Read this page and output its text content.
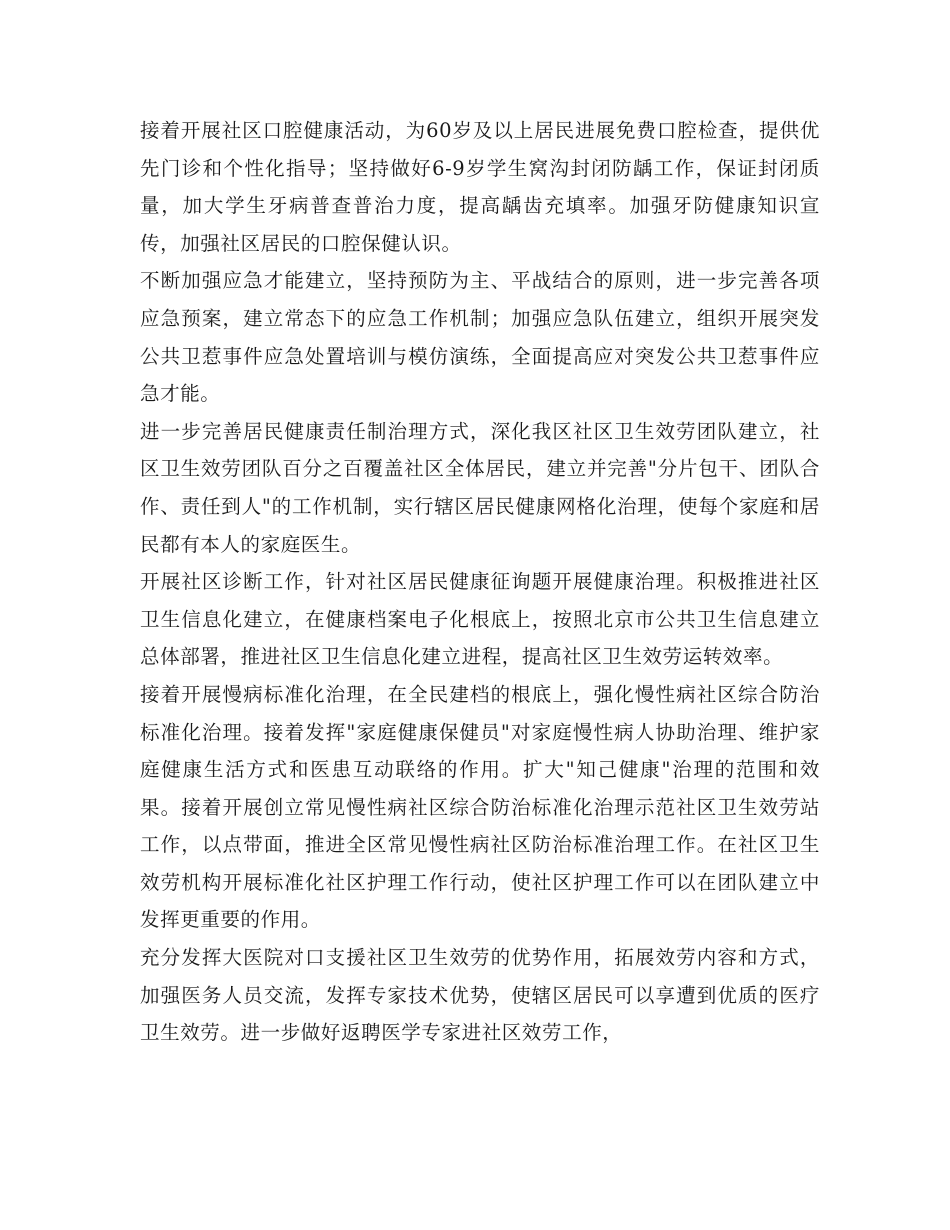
接着开展社区口腔健康活动，为60岁及以上居民进展免费口腔检查，提供优先门诊和个性化指导；坚持做好6-9岁学生窝沟封闭防龋工作，保证封闭质量，加大学生牙病普查普治力度，提高龋齿充填率。加强牙防健康知识宣传，加强社区居民的口腔保健认识。

不断加强应急才能建立，坚持预防为主、平战结合的原则，进一步完善各项应急预案，建立常态下的应急工作机制；加强应急队伍建立，组织开展突发公共卫惹事件应急处置培训与模仿演练，全面提高应对突发公共卫惹事件应急才能。

进一步完善居民健康责任制治理方式，深化我区社区卫生效劳团队建立，社区卫生效劳团队百分之百覆盖社区全体居民，建立并完善"分片包干、团队合作、责任到人"的工作机制，实行辖区居民健康网格化治理，使每个家庭和居民都有本人的家庭医生。

开展社区诊断工作，针对社区居民健康征询题开展健康治理。积极推进社区卫生信息化建立，在健康档案电子化根底上，按照北京市公共卫生信息建立总体部署，推进社区卫生信息化建立进程，提高社区卫生效劳运转效率。

接着开展慢病标准化治理，在全民建档的根底上，强化慢性病社区综合防治标准化治理。接着发挥"家庭健康保健员"对家庭慢性病人协助治理、维护家庭健康生活方式和医患互动联络的作用。扩大"知己健康"治理的范围和效果。接着开展创立常见慢性病社区综合防治标准化治理示范社区卫生效劳站工作，以点带面，推进全区常见慢性病社区防治标准治理工作。在社区卫生效劳机构开展标准化社区护理工作行动，使社区护理工作可以在团队建立中发挥更重要的作用。

充分发挥大医院对口支援社区卫生效劳的优势作用，拓展效劳内容和方式，加强医务人员交流，发挥专家技术优势，使辖区居民可以享遭到优质的医疗卫生效劳。进一步做好返聘医学专家进社区效劳工作，
